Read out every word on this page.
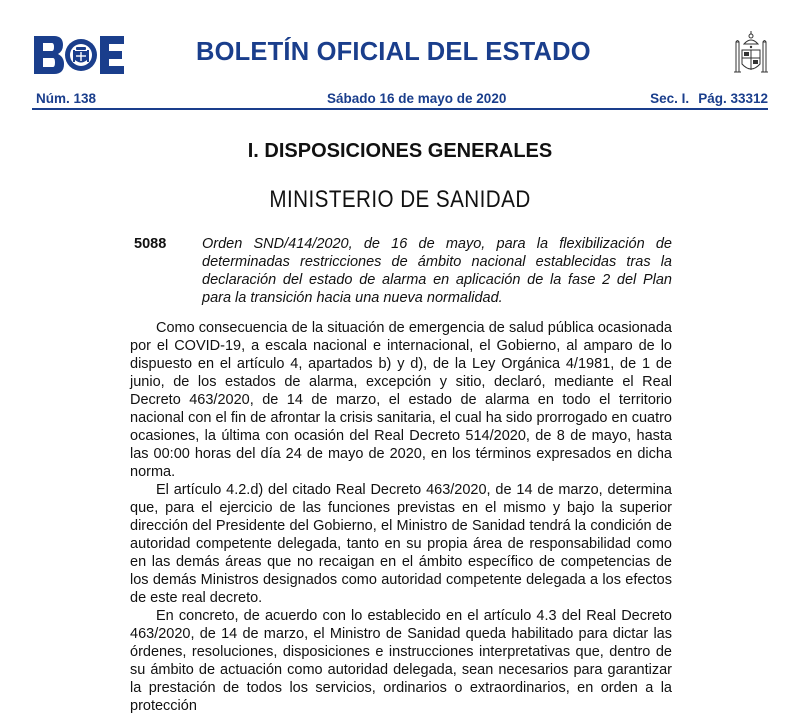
BOLETÍN OFICIAL DEL ESTADO
Núm. 138	Sábado 16 de mayo de 2020	Sec. I. Pág. 33312
I. DISPOSICIONES GENERALES
MINISTERIO DE SANIDAD
5088 Orden SND/414/2020, de 16 de mayo, para la flexibilización de determinadas restricciones de ámbito nacional establecidas tras la declaración del estado de alarma en aplicación de la fase 2 del Plan para la transición hacia una nueva normalidad.

Como consecuencia de la situación de emergencia de salud pública ocasionada por el COVID-19, a escala nacional e internacional, el Gobierno, al amparo de lo dispuesto en el artículo 4, apartados b) y d), de la Ley Orgánica 4/1981, de 1 de junio, de los estados de alarma, excepción y sitio, declaró, mediante el Real Decreto 463/2020, de 14 de marzo, el estado de alarma en todo el territorio nacional con el fin de afrontar la crisis sanitaria, el cual ha sido prorrogado en cuatro ocasiones, la última con ocasión del Real Decreto 514/2020, de 8 de mayo, hasta las 00:00 horas del día 24 de mayo de 2020, en los términos expresados en dicha norma.

El artículo 4.2.d) del citado Real Decreto 463/2020, de 14 de marzo, determina que, para el ejercicio de las funciones previstas en el mismo y bajo la superior dirección del Presidente del Gobierno, el Ministro de Sanidad tendrá la condición de autoridad competente delegada, tanto en su propia área de responsabilidad como en las demás áreas que no recaigan en el ámbito específico de competencias de los demás Ministros designados como autoridad competente delegada a los efectos de este real decreto.

En concreto, de acuerdo con lo establecido en el artículo 4.3 del Real Decreto 463/2020, de 14 de marzo, el Ministro de Sanidad queda habilitado para dictar las órdenes, resoluciones, disposiciones e instrucciones interpretativas que, dentro de su ámbito de actuación como autoridad delegada, sean necesarios para garantizar la prestación de todos los servicios, ordinarios o extraordinarios, en orden a la protección
